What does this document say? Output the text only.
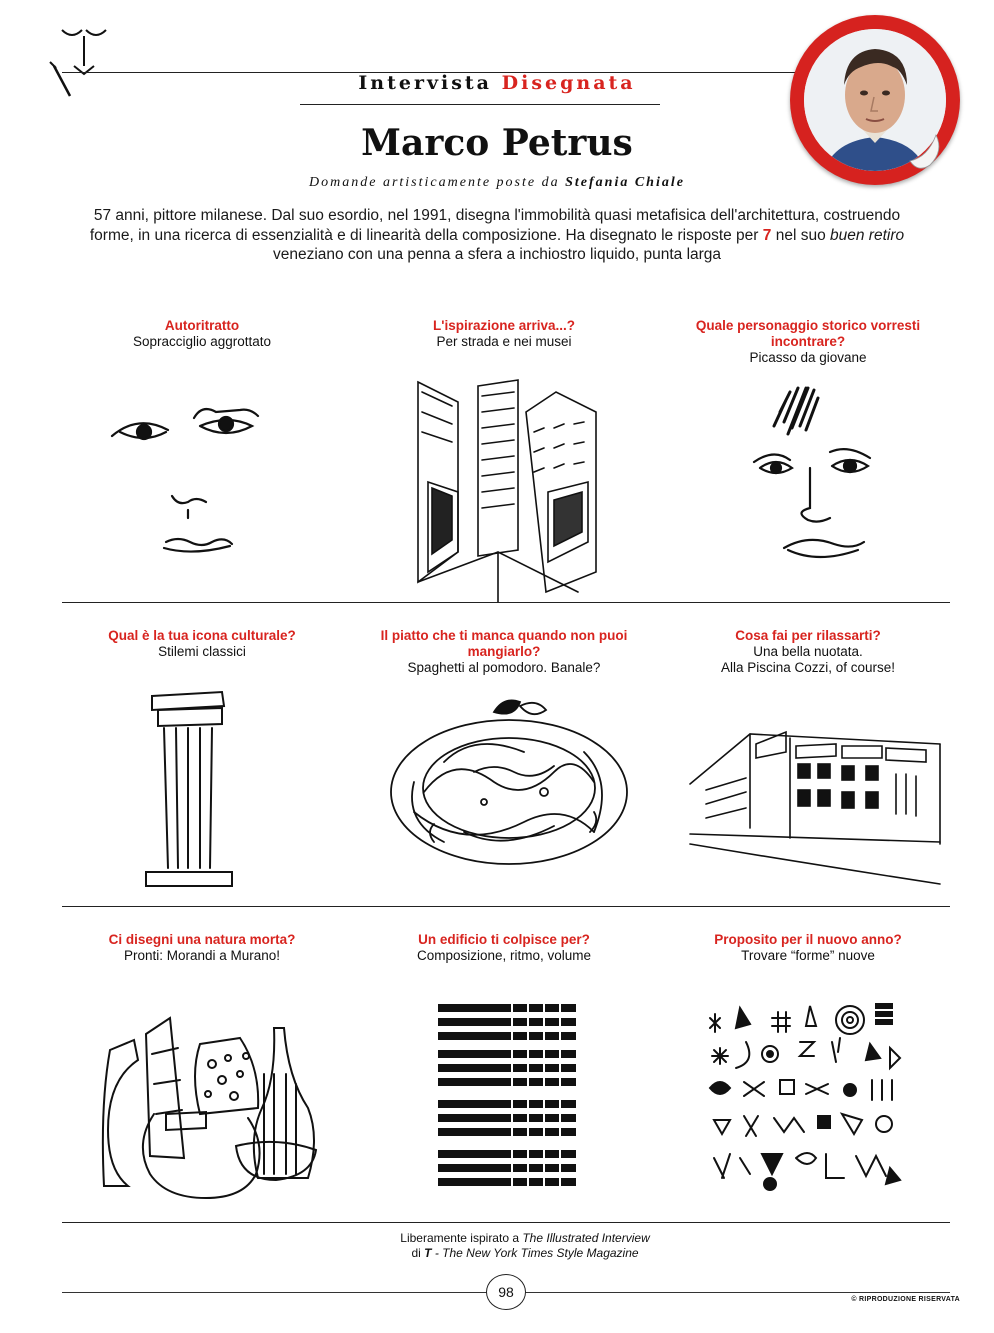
Intervista Disegnata
Marco Petrus
Domande artisticamente poste da Stefania Chiale
57 anni, pittore milanese. Dal suo esordio, nel 1991, disegna l'immobilità quasi metafisica dell'architettura, costruendo forme, in una ricerca di essenzialità e di linearità della composizione. Ha disegnato le risposte per 7 nel suo buen retiro veneziano con una penna a sfera a inchiostro liquido, punta larga
Autoritratto
Sopracciglio aggrottato
L'ispirazione arriva...?
Per strada e nei musei
Quale personaggio storico vorresti incontrare?
Picasso da giovane
Qual è la tua icona culturale?
Stilemi classici
Il piatto che ti manca quando non puoi mangiarlo?
Spaghetti al pomodoro. Banale?
Cosa fai per rilassarti?
Una bella nuotata.
Alla Piscina Cozzi, of course!
Ci disegni una natura morta?
Pronti: Morandi a Murano!
Un edificio ti colpisce per?
Composizione, ritmo, volume
Proposito per il nuovo anno?
Trovare “forme” nuove
Liberamente ispirato a The Illustrated Interview
di T - The New York Times Style Magazine
98	© RIPRODUZIONE RISERVATA
